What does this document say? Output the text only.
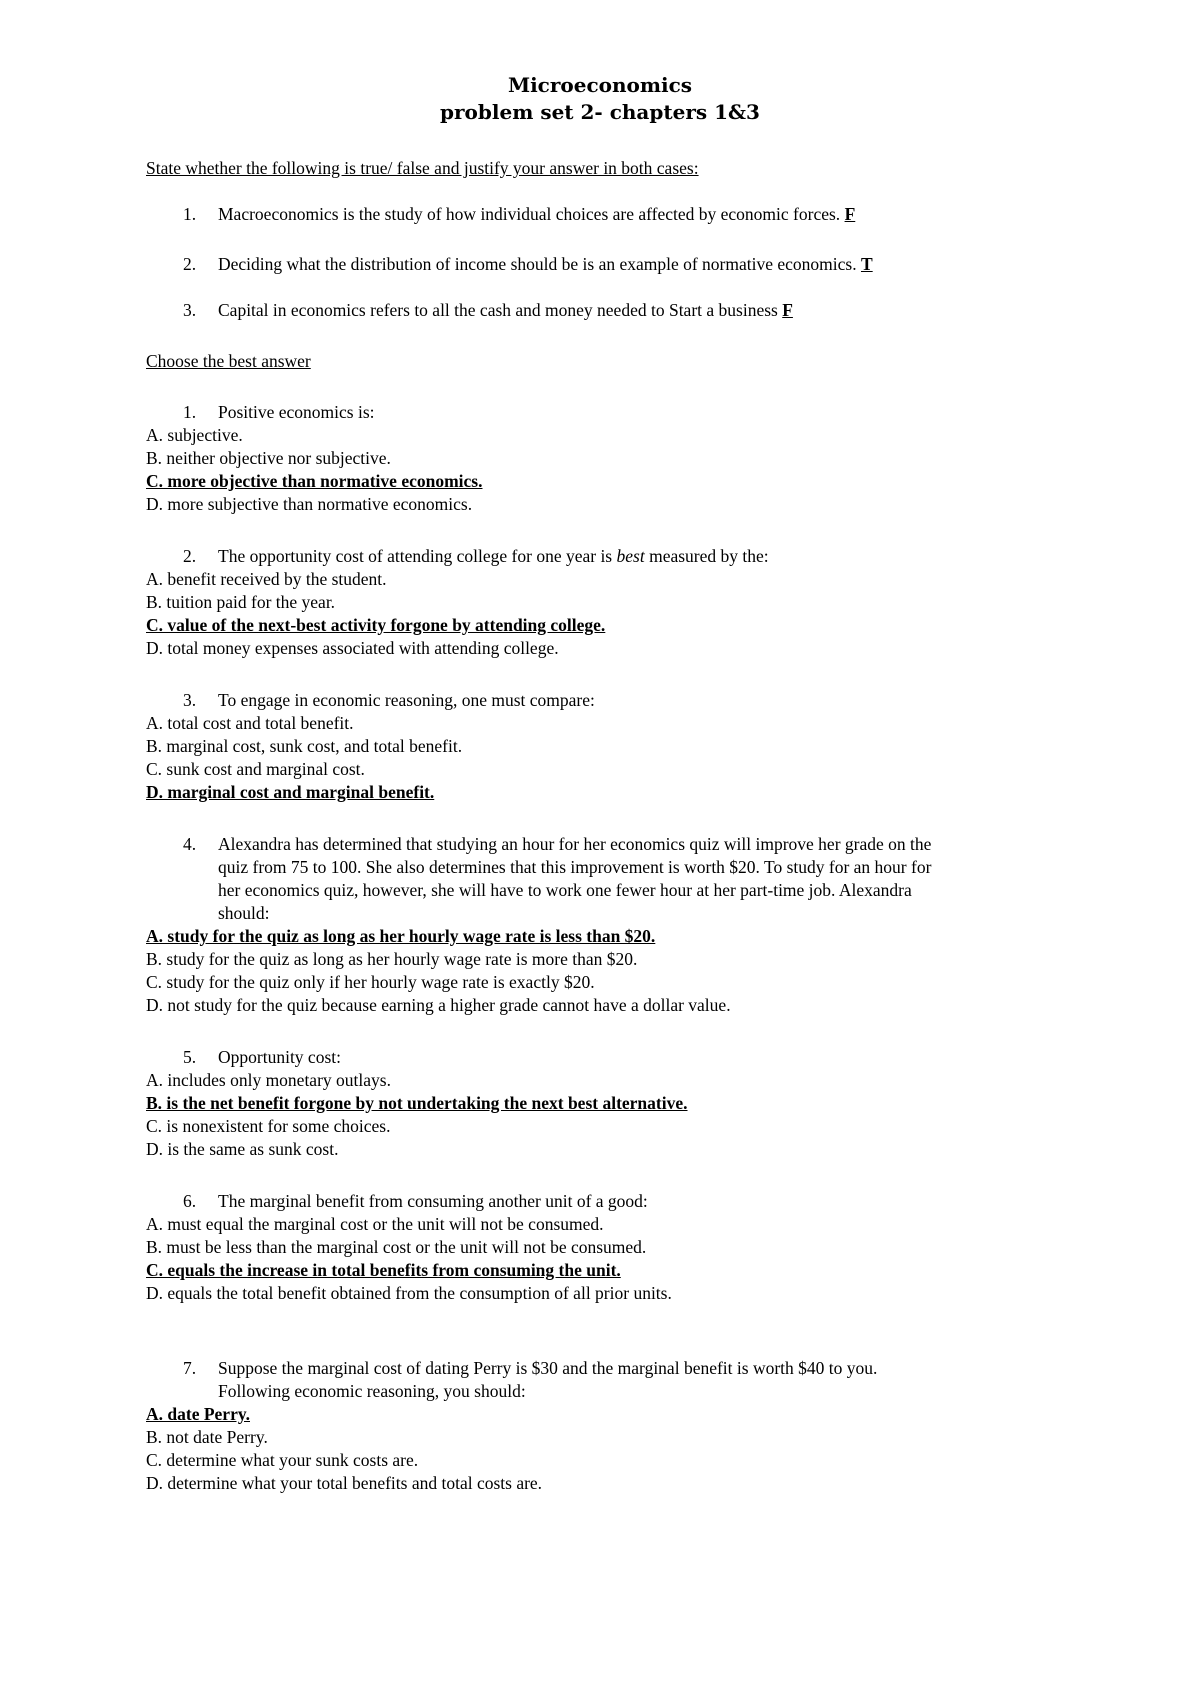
Microeconomics
problem set 2- chapters 1&3
State whether the following is true/ false and justify your answer in both cases:
1. Macroeconomics is the study of how individual choices are affected by economic forces. F
2. Deciding what the distribution of income should be is an example of normative economics. T
3. Capital in economics refers to all the cash and money needed to Start a business F
Choose the best answer
1. Positive economics is:
A. subjective.
B. neither objective nor subjective.
C. more objective than normative economics.
D. more subjective than normative economics.
2. The opportunity cost of attending college for one year is best measured by the:
A. benefit received by the student.
B. tuition paid for the year.
C. value of the next-best activity forgone by attending college.
D. total money expenses associated with attending college.
3. To engage in economic reasoning, one must compare:
A. total cost and total benefit.
B. marginal cost, sunk cost, and total benefit.
C. sunk cost and marginal cost.
D. marginal cost and marginal benefit.
4. Alexandra has determined that studying an hour for her economics quiz will improve her grade on the
quiz from 75 to 100. She also determines that this improvement is worth $20. To study for an hour for
her economics quiz, however, she will have to work one fewer hour at her part-time job. Alexandra
should:
A. study for the quiz as long as her hourly wage rate is less than $20.
B. study for the quiz as long as her hourly wage rate is more than $20.
C. study for the quiz only if her hourly wage rate is exactly $20.
D. not study for the quiz because earning a higher grade cannot have a dollar value.
5. Opportunity cost:
A. includes only monetary outlays.
B. is the net benefit forgone by not undertaking the next best alternative.
C. is nonexistent for some choices.
D. is the same as sunk cost.
6. The marginal benefit from consuming another unit of a good:
A. must equal the marginal cost or the unit will not be consumed.
B. must be less than the marginal cost or the unit will not be consumed.
C. equals the increase in total benefits from consuming the unit.
D. equals the total benefit obtained from the consumption of all prior units.
7. Suppose the marginal cost of dating Perry is $30 and the marginal benefit is worth $40 to you.
Following economic reasoning, you should:
A. date Perry.
B. not date Perry.
C. determine what your sunk costs are.
D. determine what your total benefits and total costs are.
